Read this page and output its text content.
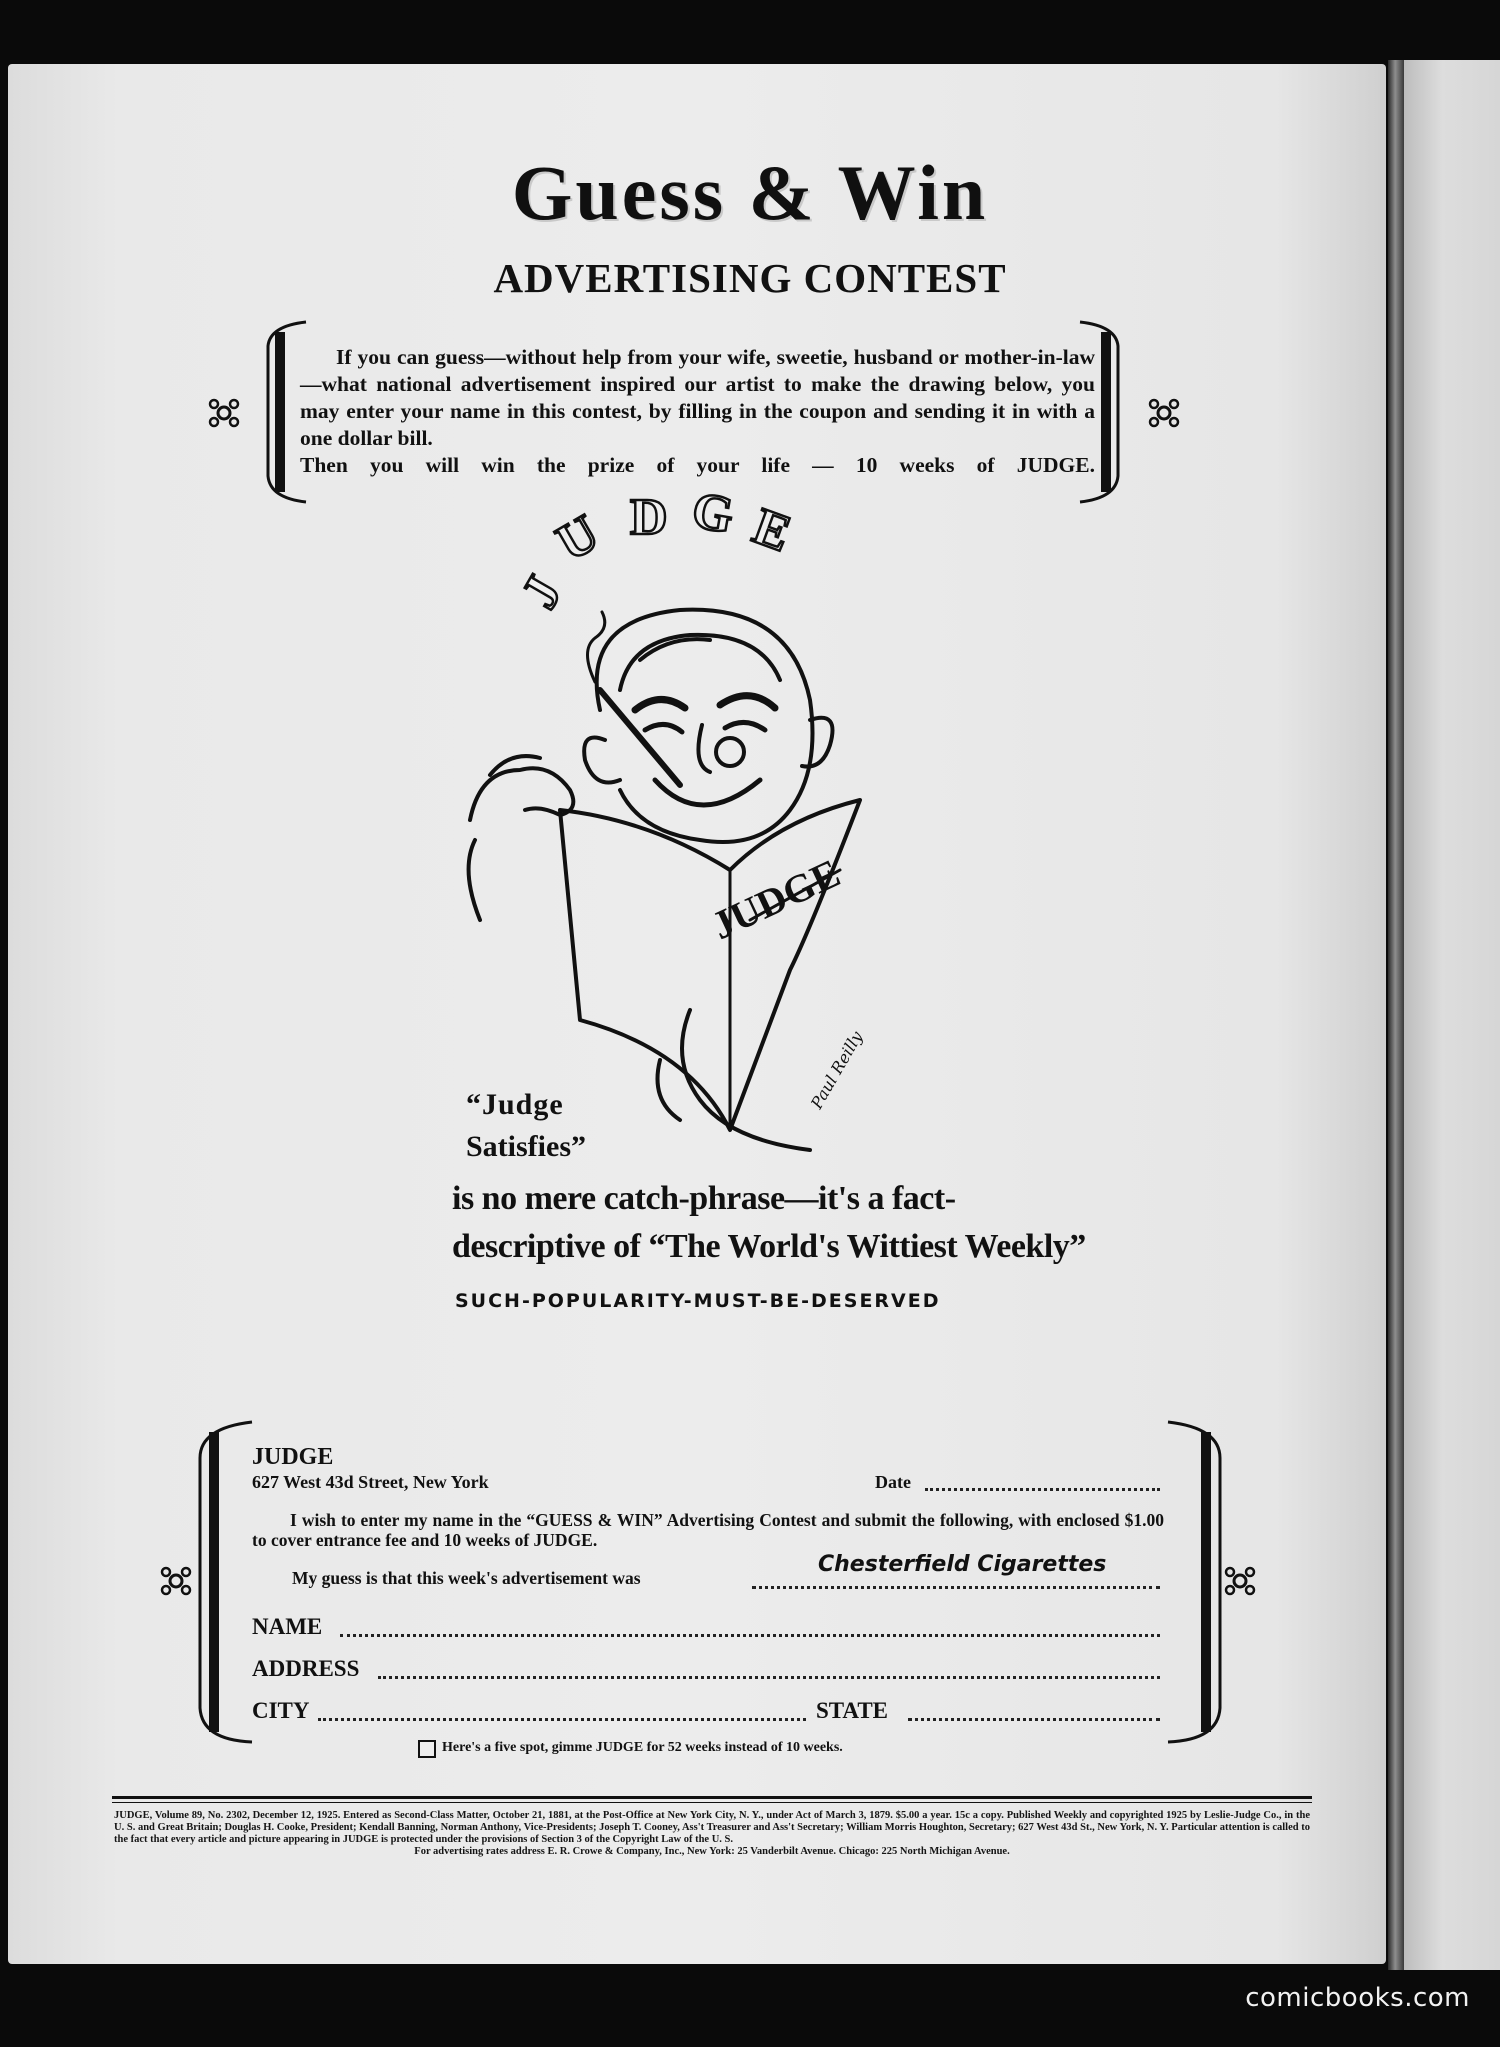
Guess & Win
ADVERTISING CONTEST
If you can guess—without help from your wife, sweetie, husband or mother-in-law—what national advertisement inspired our artist to make the drawing below, you may enter your name in this contest, by filling in the coupon and sending it in with a one dollar bill.
Then you will win the prize of your life — 10 weeks of JUDGE.
J
U D G E
JUDGE
Paul Reilly
“Judge
Satisfies”
is no mere catch-phrase—it's a fact-
descriptive of “The World's Wittiest Weekly”
SUCH-POPULARITY-MUST-BE-DESERVED
JUDGE
627 West 43d Street, New York	Date
I wish to enter my name in the “GUESS & WIN” Advertising Contest and submit the following, with enclosed $1.00 to cover entrance fee and 10 weeks of JUDGE.
My guess is that this week's advertisement was
Chesterfield Cigarettes
NAME
ADDRESS
CITY	STATE
Here's a five spot, gimme JUDGE for 52 weeks instead of 10 weeks.
JUDGE, Volume 89, No. 2302, December 12, 1925. Entered as Second-Class Matter, October 21, 1881, at the Post-Office at New York City, N. Y., under Act of March 3, 1879. $5.00 a year. 15c a copy. Published Weekly and copyrighted 1925 by Leslie-Judge Co., in the U. S. and Great Britain; Douglas H. Cooke, President; Kendall Banning, Norman Anthony, Vice-Presidents; Joseph T. Cooney, Ass't Treasurer and Ass't Secretary; William Morris Houghton, Secretary; 627 West 43d St., New York, N. Y. Particular attention is called to the fact that every article and picture appearing in JUDGE is protected under the provisions of Section 3 of the Copyright Law of the U. S.
For advertising rates address E. R. Crowe & Company, Inc., New York: 25 Vanderbilt Avenue. Chicago: 225 North Michigan Avenue.
comicbooks.com
